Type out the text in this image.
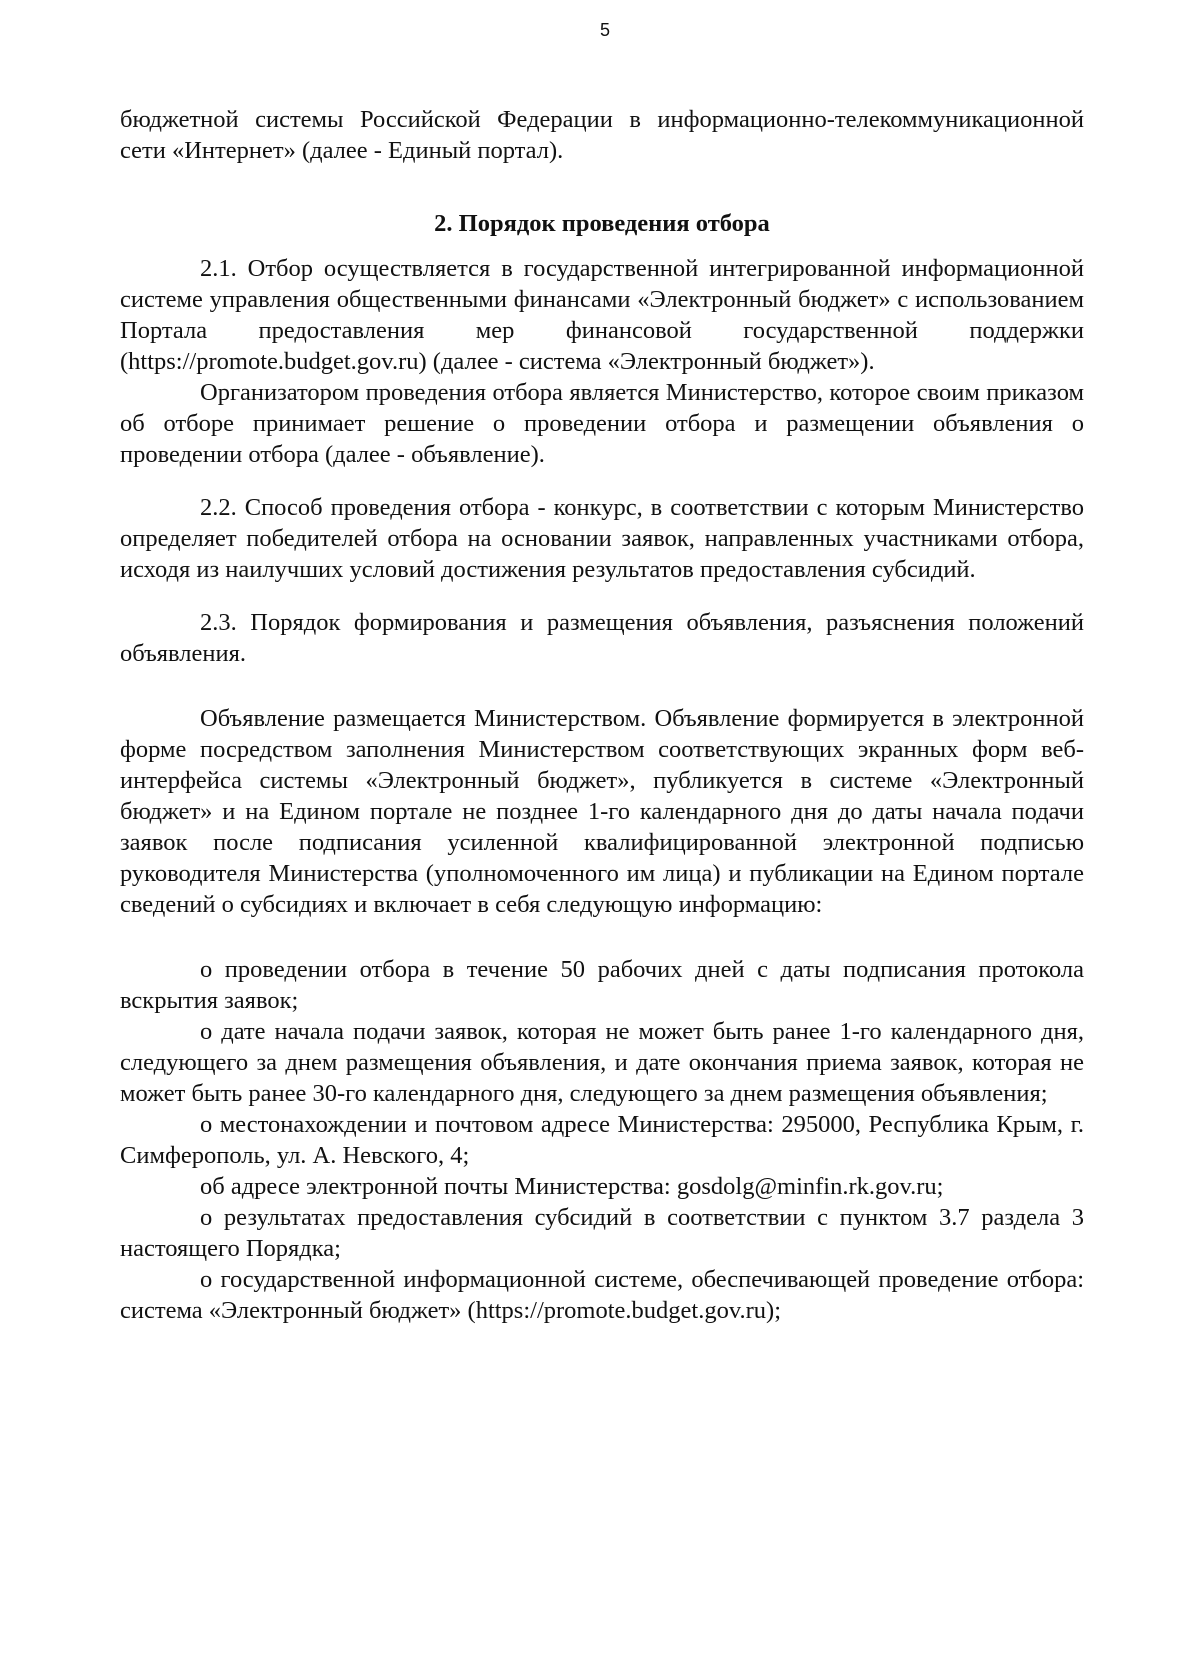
5

бюджетной системы Российской Федерации в информационно-телекоммуникационной сети «Интернет» (далее - Единый портал).

2. Порядок проведения отбора

2.1. Отбор осуществляется в государственной интегрированной информационной системе управления общественными финансами «Электронный бюджет» с использованием Портала предоставления мер финансовой государственной поддержки (https://promote.budget.gov.ru) (далее - система «Электронный бюджет»).

Организатором проведения отбора является Министерство, которое своим приказом об отборе принимает решение о проведении отбора и размещении объявления о проведении отбора (далее - объявление).

2.2. Способ проведения отбора - конкурс, в соответствии с которым Министерство определяет победителей отбора на основании заявок, направленных участниками отбора, исходя из наилучших условий достижения результатов предоставления субсидий.

2.3. Порядок формирования и размещения объявления, разъяснения положений объявления.

Объявление размещается Министерством. Объявление формируется в электронной форме посредством заполнения Министерством соответствующих экранных форм веб-интерфейса системы «Электронный бюджет», публикуется в системе «Электронный бюджет» и на Едином портале не позднее 1-го календарного дня до даты начала подачи заявок после подписания усиленной квалифицированной электронной подписью руководителя Министерства (уполномоченного им лица) и публикации на Едином портале сведений о субсидиях и включает в себя следующую информацию:

о проведении отбора в течение 50 рабочих дней с даты подписания протокола вскрытия заявок;

о дате начала подачи заявок, которая не может быть ранее 1-го календарного дня, следующего за днем размещения объявления, и дате окончания приема заявок, которая не может быть ранее 30-го календарного дня, следующего за днем размещения объявления;

о местонахождении и почтовом адресе Министерства: 295000, Республика Крым, г. Симферополь, ул. А. Невского, 4;

об адресе электронной почты Министерства: gosdolg@minfin.rk.gov.ru;

о результатах предоставления субсидий в соответствии с пунктом 3.7 раздела 3 настоящего Порядка;

о государственной информационной системе, обеспечивающей проведение отбора: система «Электронный бюджет» (https://promote.budget.gov.ru);
